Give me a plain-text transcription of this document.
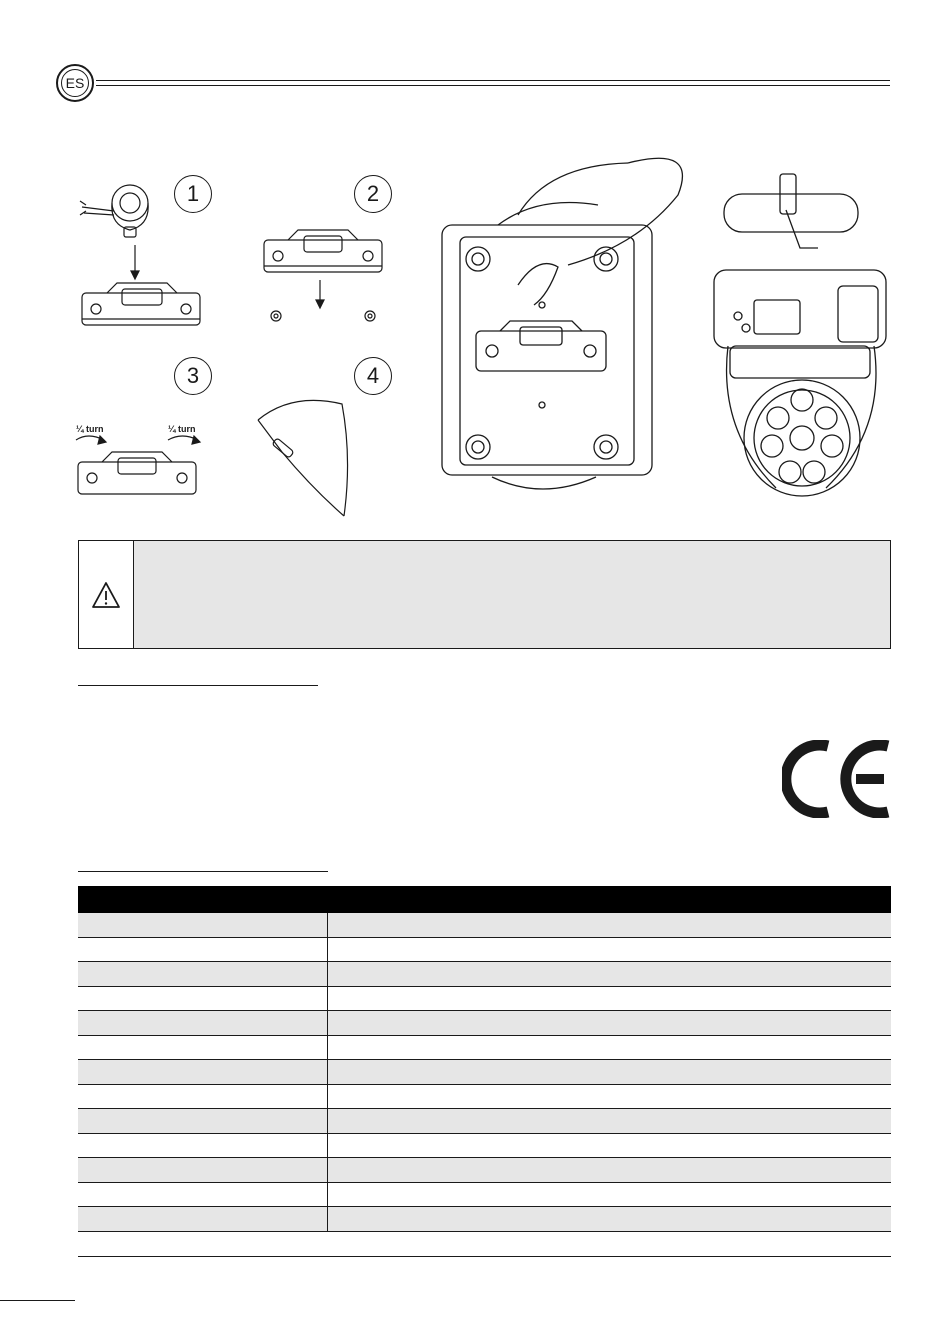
ES
1	2
3	4
¼ turn	¼ turn
